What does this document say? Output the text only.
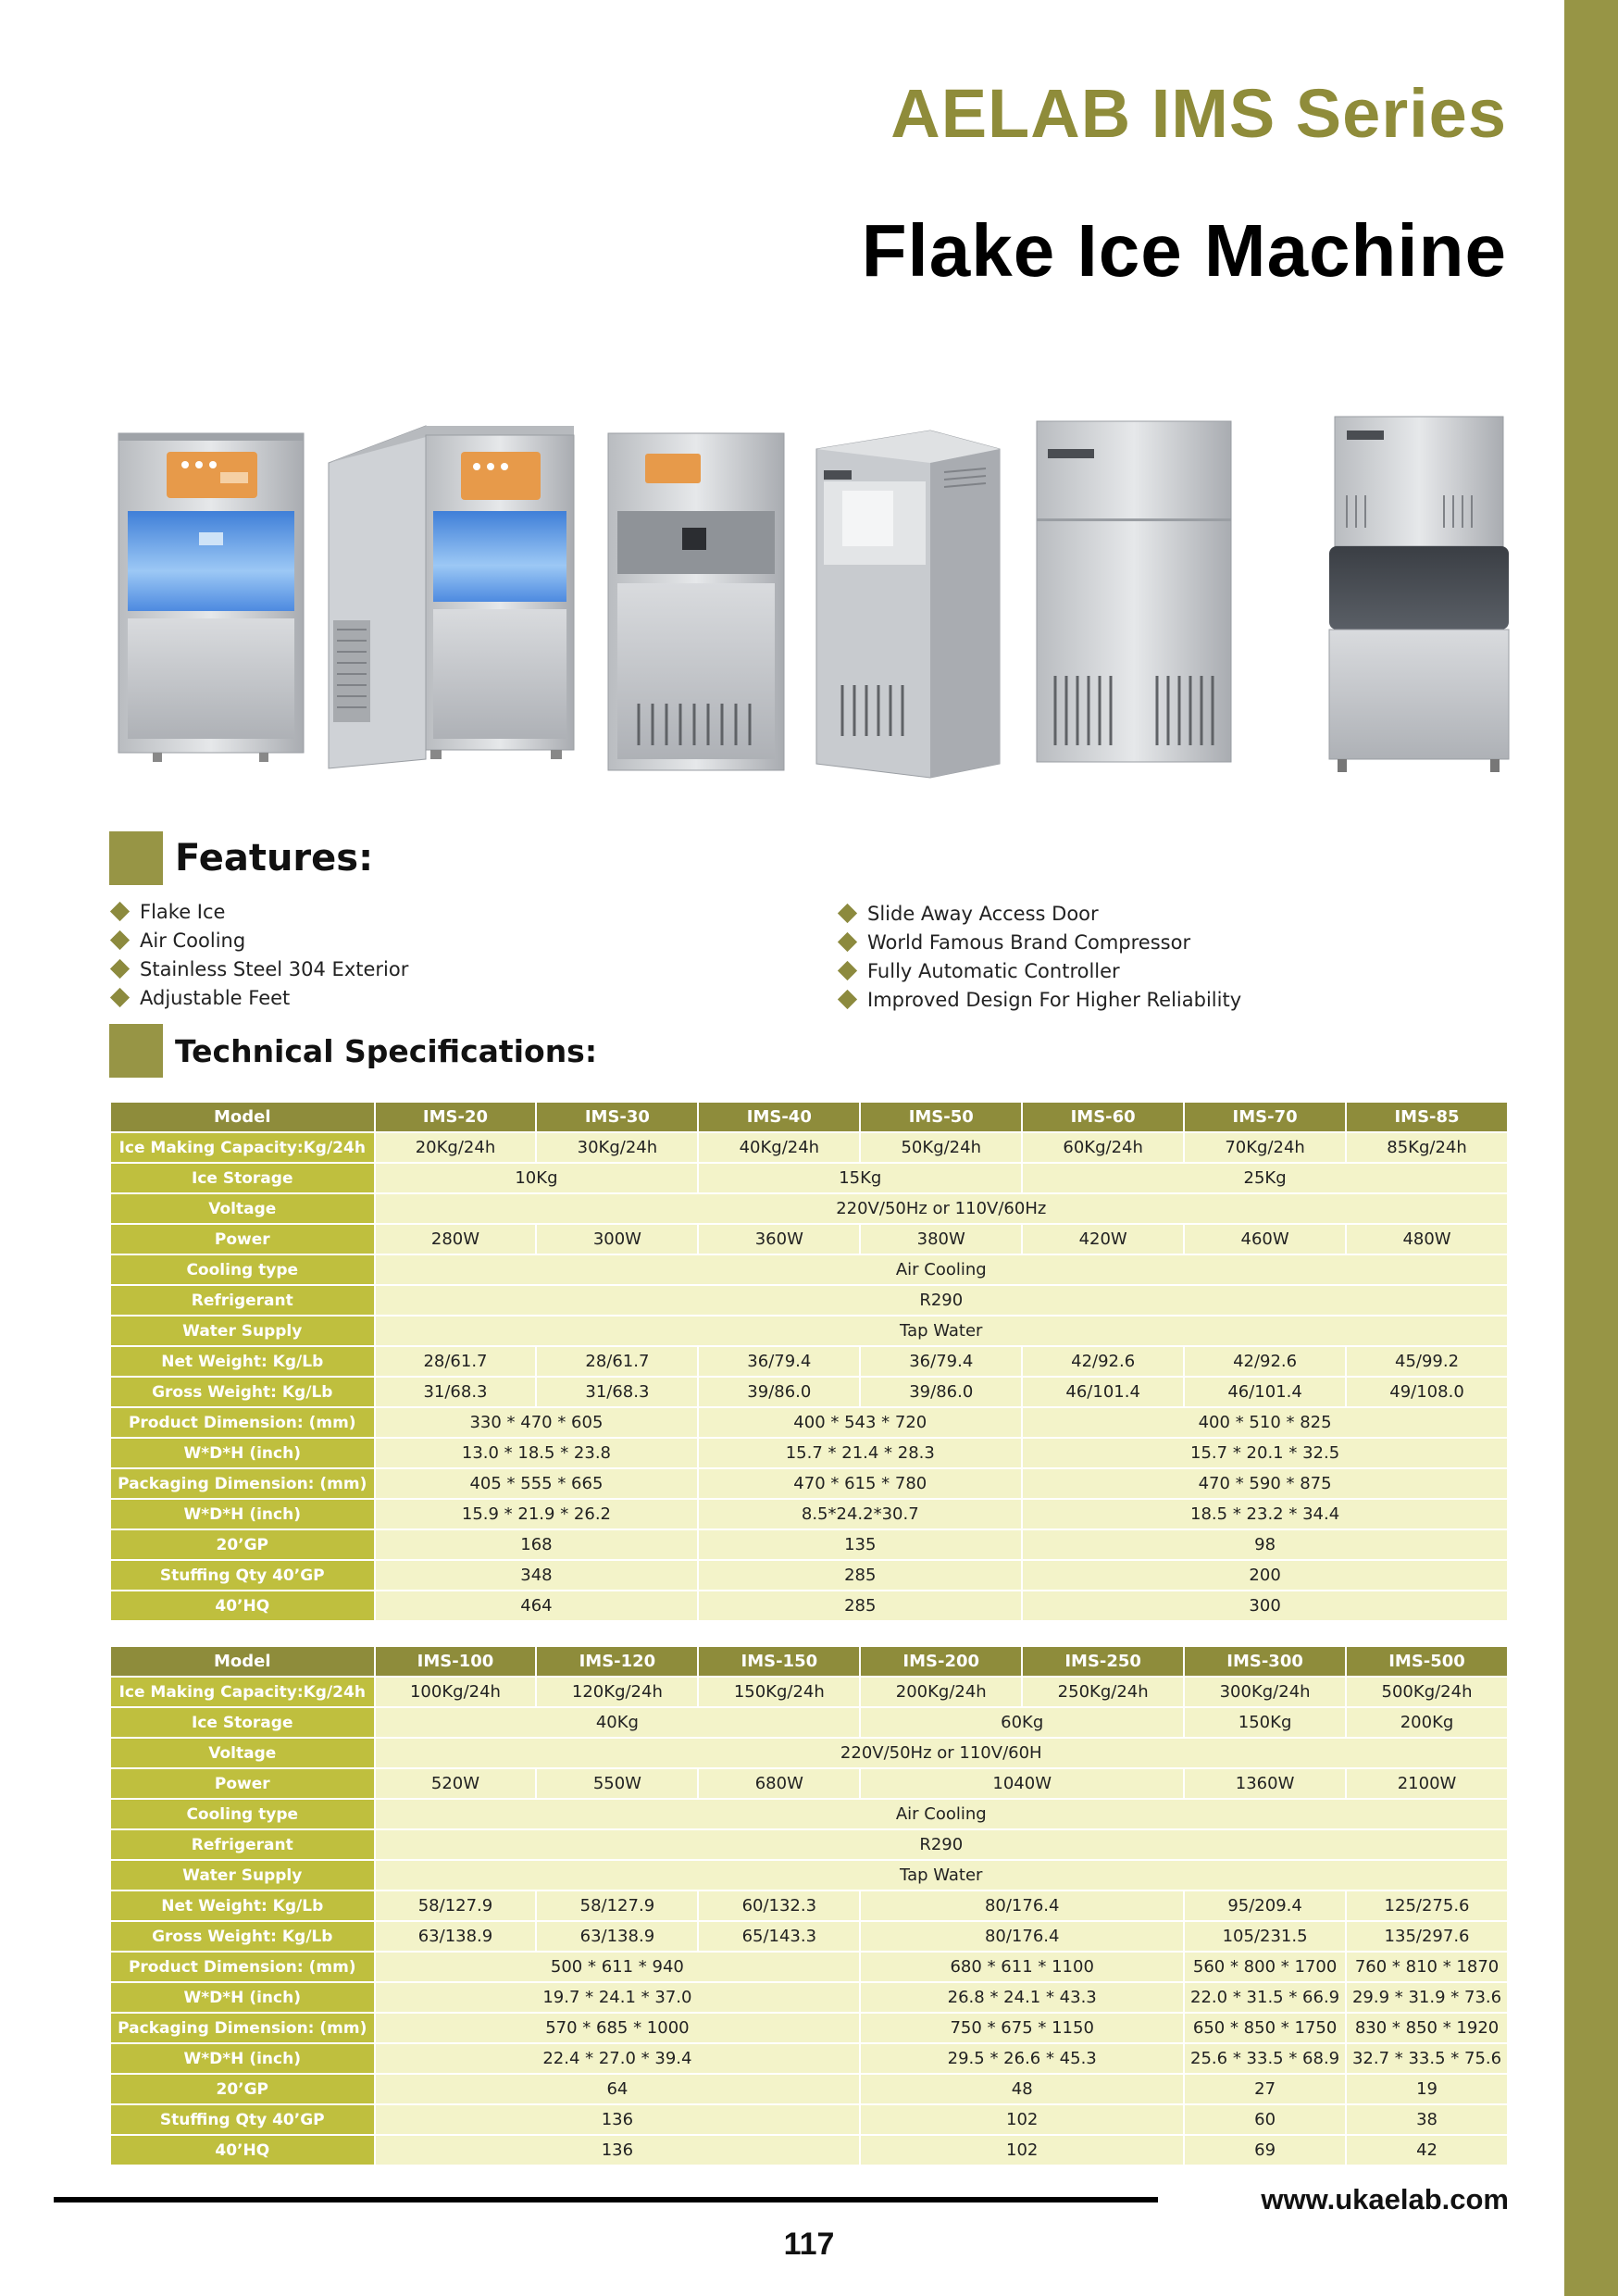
AELAB IMS Series
Flake Ice Machine
Features:
Flake Ice
Air Cooling
Stainless Steel 304 Exterior
Adjustable Feet
Slide Away Access Door
World Famous Brand Compressor
Fully Automatic Controller
Improved Design For Higher Reliability
Technical Specifications:
Model	IMS-20	IMS-30	IMS-40	IMS-50	IMS-60	IMS-70	IMS-85
Ice Making Capacity:Kg/24h	20Kg/24h	30Kg/24h	40Kg/24h	50Kg/24h	60Kg/24h	70Kg/24h	85Kg/24h
Ice Storage	10Kg		15Kg		25Kg		
Voltage	220V/50Hz or 110V/60Hz						
Power	280W	300W	360W	380W	420W	460W	480W
Cooling type	Air Cooling						
Refrigerant	R290						
Water Supply	Tap Water						
Net Weight: Kg/Lb	28/61.7	28/61.7	36/79.4	36/79.4	42/92.6	42/92.6	45/99.2
Gross Weight: Kg/Lb	31/68.3	31/68.3	39/86.0	39/86.0	46/101.4	46/101.4	49/108.0
Product Dimension: (mm)	330 * 470 * 605		400 * 543 * 720		400 * 510 * 825		
W*D*H (inch)	13.0 * 18.5 * 23.8		15.7 * 21.4 * 28.3		15.7 * 20.1 * 32.5		
Packaging Dimension: (mm)	405 * 555 * 665		470 * 615 * 780		470 * 590 * 875		
W*D*H (inch)	15.9 * 21.9 * 26.2		8.5*24.2*30.7		18.5 * 23.2 * 34.4		
20’GP	168		135		98		
Stuffing Qty 40’GP	348		285		200		
40’HQ	464		285		300		
Model	IMS-100	IMS-120	IMS-150	IMS-200	IMS-250	IMS-300	IMS-500
Ice Making Capacity:Kg/24h	100Kg/24h	120Kg/24h	150Kg/24h	200Kg/24h	250Kg/24h	300Kg/24h	500Kg/24h
Ice Storage	40Kg			60Kg		150Kg	200Kg
Voltage	220V/50Hz or 110V/60H						
Power	520W	550W	680W	1040W		1360W	2100W
Cooling type	Air Cooling						
Refrigerant	R290						
Water Supply	Tap Water						
Net Weight: Kg/Lb	58/127.9	58/127.9	60/132.3	80/176.4		95/209.4	125/275.6
Gross Weight: Kg/Lb	63/138.9	63/138.9	65/143.3	80/176.4		105/231.5	135/297.6
Product Dimension: (mm)	500 * 611 * 940			680 * 611 * 1100		560 * 800 * 1700	760 * 810 * 1870
W*D*H (inch)	19.7 * 24.1 * 37.0			26.8 * 24.1 * 43.3		22.0 * 31.5 * 66.9	29.9 * 31.9 * 73.6
Packaging Dimension: (mm)	570 * 685 * 1000			750 * 675 * 1150		650 * 850 * 1750	830 * 850 * 1920
W*D*H (inch)	22.4 * 27.0 * 39.4			29.5 * 26.6 * 45.3		25.6 * 33.5 * 68.9	32.7 * 33.5 * 75.6
20’GP	64			48		27	19
Stuffing Qty 40’GP	136			102		60	38
40’HQ	136			102		69	42
www.ukaelab.com
117
